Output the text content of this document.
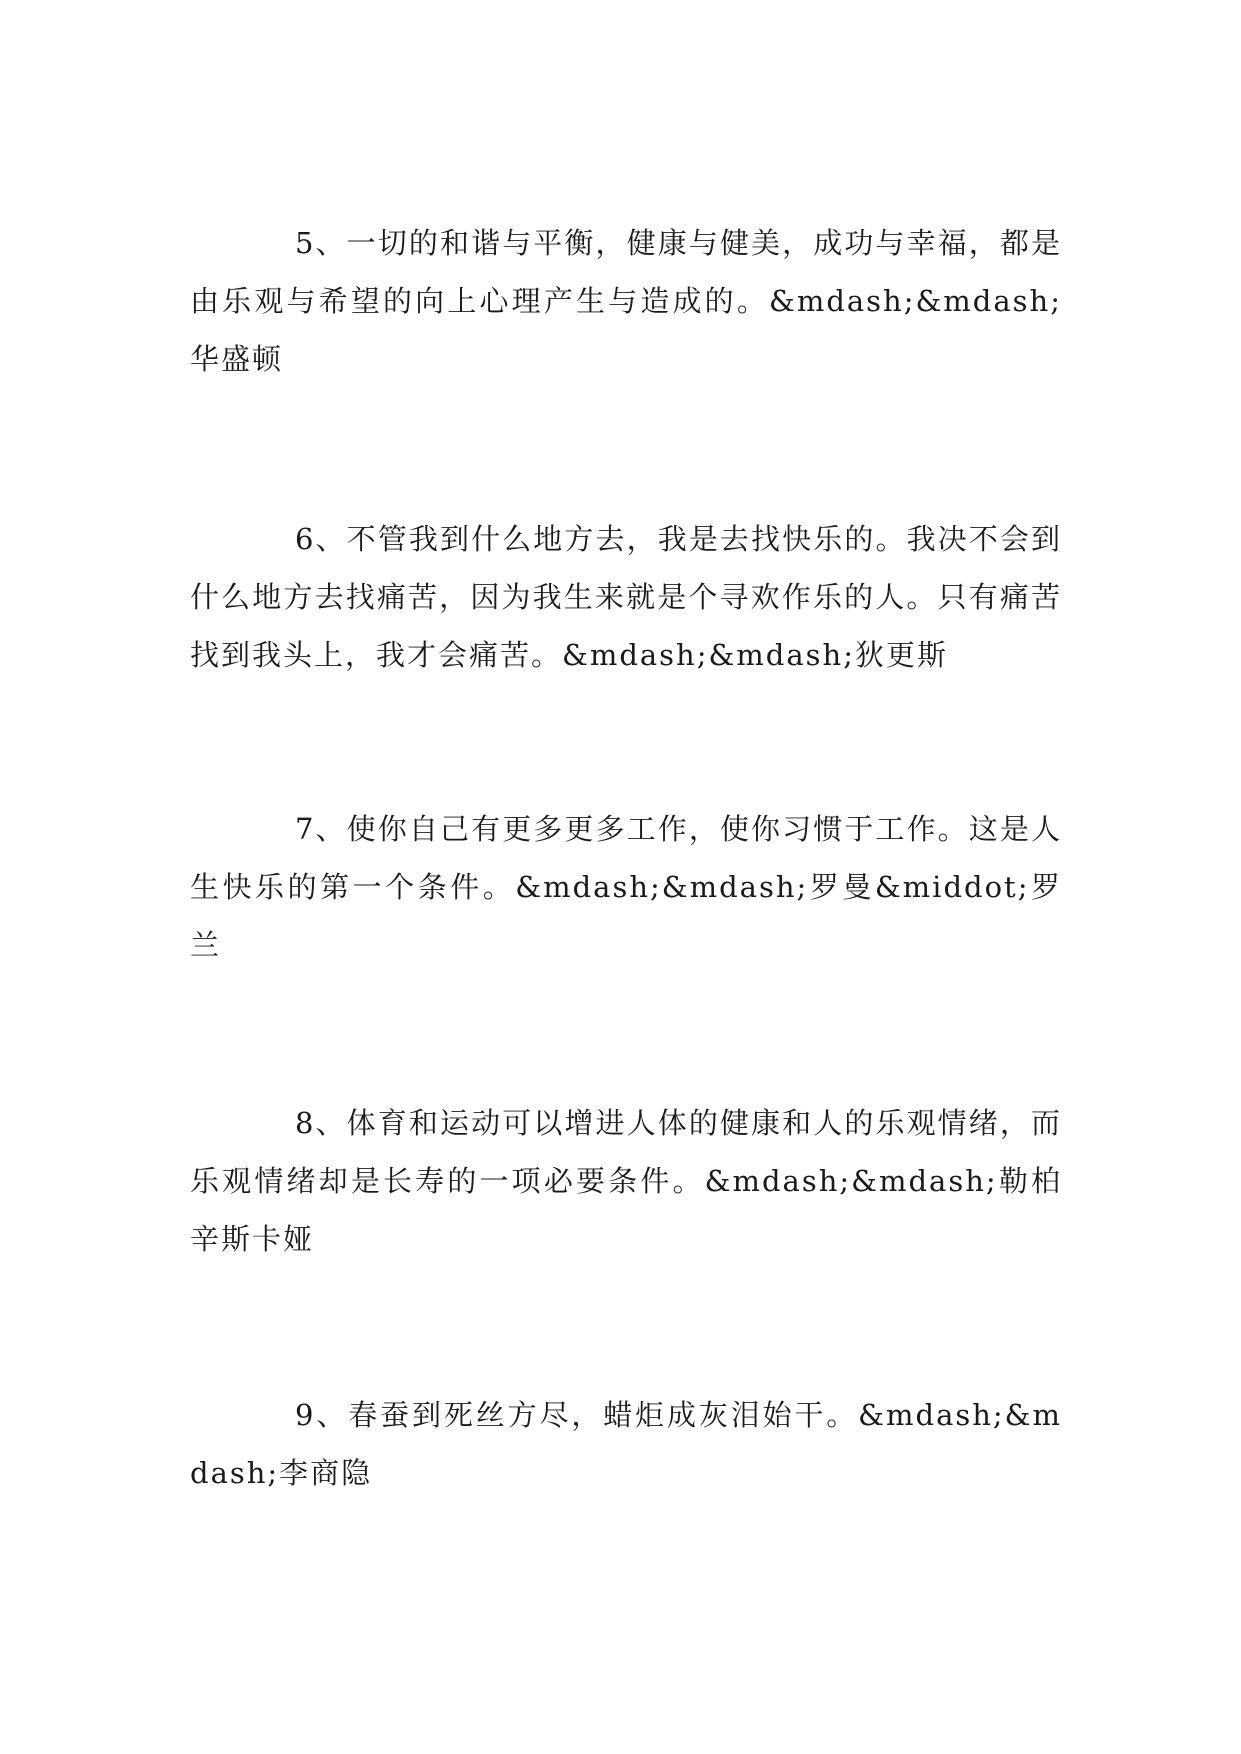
5、一切的和谐与平衡，健康与健美，成功与幸福，都是由乐观与希望的向上心理产生与造成的。&mdash;&mdash;华盛顿

6、不管我到什么地方去，我是去找快乐的。我决不会到什么地方去找痛苦，因为我生来就是个寻欢作乐的人。只有痛苦找到我头上，我才会痛苦。&mdash;&mdash;狄更斯

7、使你自己有更多更多工作，使你习惯于工作。这是人生快乐的第一个条件。&mdash;&mdash;罗曼&middot;罗兰

8、体育和运动可以增进人体的健康和人的乐观情绪，而乐观情绪却是长寿的一项必要条件。&mdash;&mdash;勒柏辛斯卡娅

9、春蚕到死丝方尽，蜡炬成灰泪始干。&mdash;&mdash;李商隐
